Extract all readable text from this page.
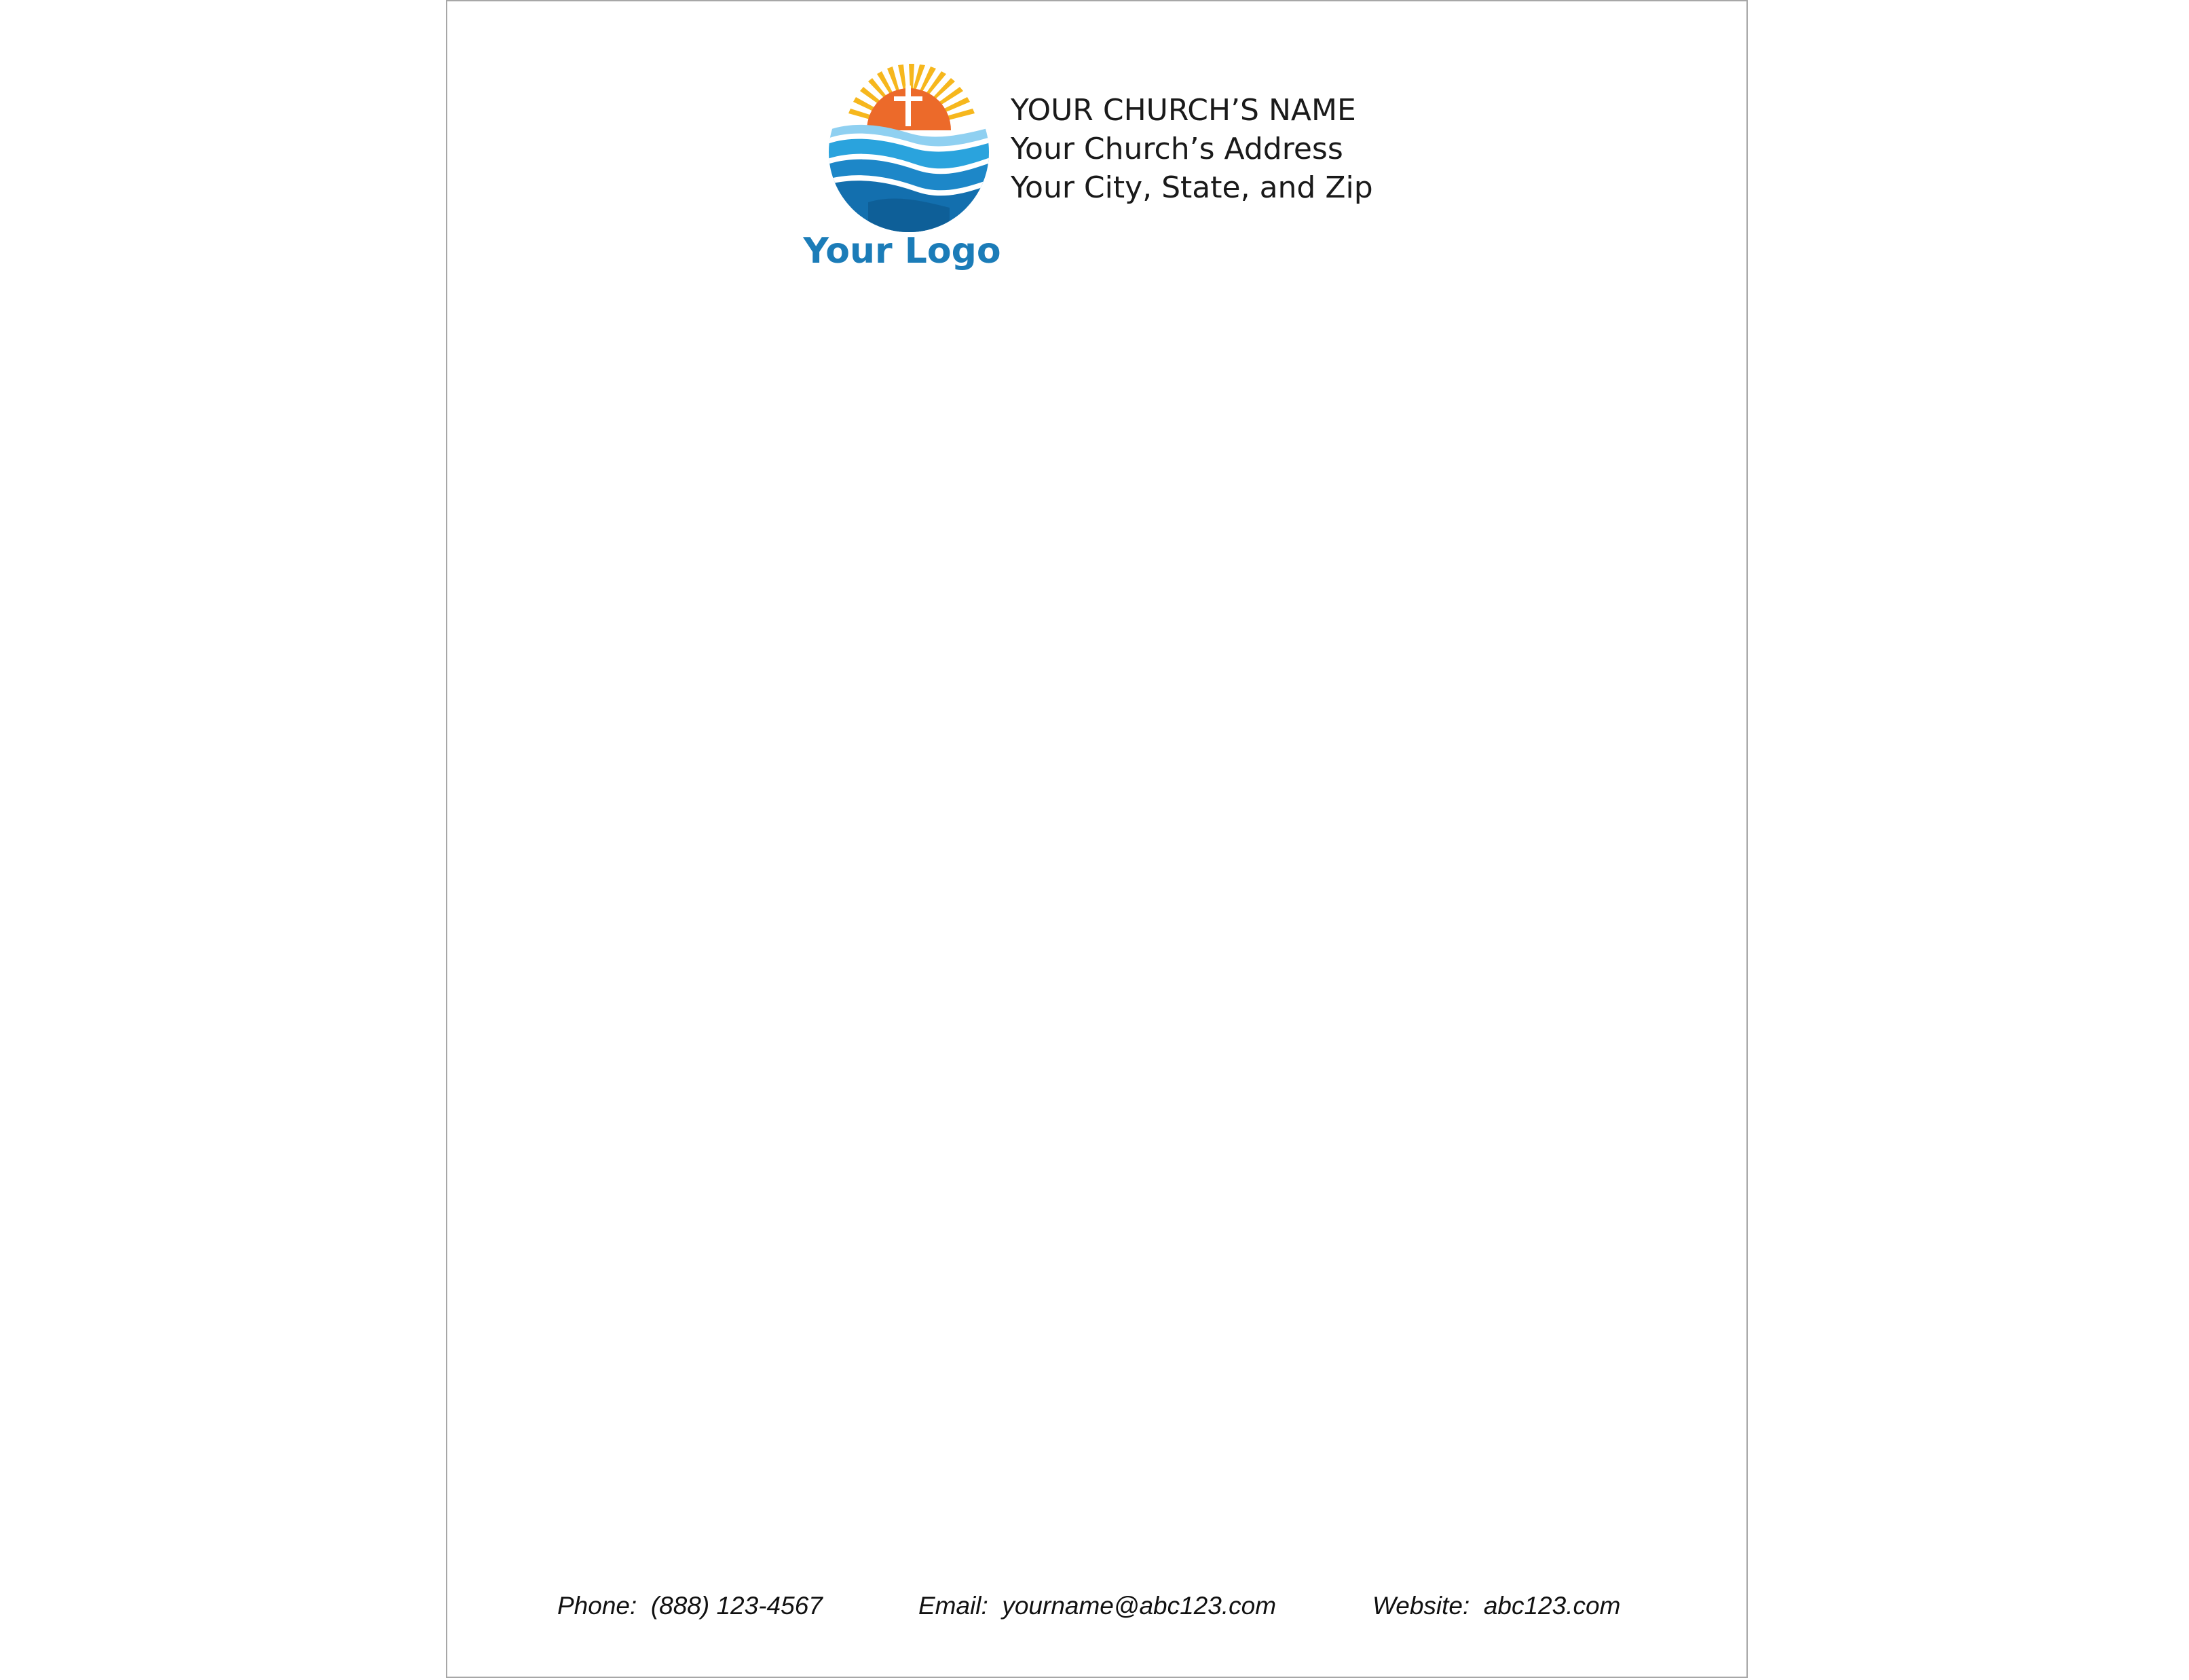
Your Logo
YOUR CHURCH’S NAME
Your Church’s Address
Your City, State, and Zip
Phone:  (888) 123-4567	Email:  yourname@abc123.com	Website:  abc123.com
